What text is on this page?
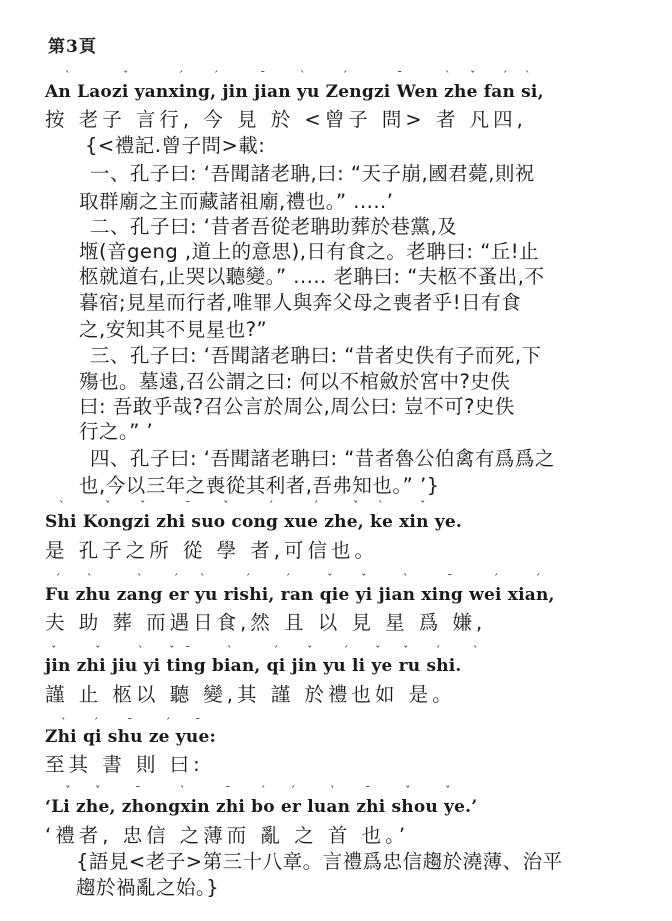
第3頁
ˋ	ˇ	ˊ	ˊ	ˉ	ˋ	ˊ	ˉ	ˋ ˇ ˊ ˋ
An Laozi yanxing, jin jian yu Zengzi Wen zhe fan si,
按 老子 言行, 今 見 於 <曾子 問> 者 凡四,
{<禮記.曾子問>載:
一、孔子曰: ‘吾聞諸老聃,曰: “天子崩,國君薨,則祝
取群廟之主而藏諸祖廟,禮也。” .....’
二、孔子曰: ‘昔者吾從老聃助葬於巷黨,及
堩(音geng ,道上的意思),日有食之。老聃曰: “丘!止
柩就道右,止哭以聽變。” ..... 老聃曰: “夫柩不蚤出,不
暮宿;見星而行者,唯罪人與奔父母之喪者乎!日有食
之,安知其不見星也?”
三、孔子曰: ‘吾聞諸老聃曰: “昔者史佚有子而死,下
殤也。墓遠,召公謂之曰: 何以不棺斂於宮中?史佚
曰: 吾敢乎哉?召公言於周公,周公曰: 豈不可?史佚
行之。” ’
四、孔子曰: ‘吾聞諸老聃曰: “昔者魯公伯禽有爲爲之
也,今以三年之喪從其利者,吾弗知也。” ’}
ˋ	ˇ	ˇ	ˉ	ˇ	ˊ	ˊ	ˇ ˋ	ˇ
Shi Kongzi zhi suo cong xue zhe, ke xin ye.
是 孔子之所 從 學 者,可信也。
ˊ ˋ	ˋ	ˊ ˋ	ˊ	ˊ	ˇ	ˇ	ˋ	ˉ	ˊ	ˊ
Fu zhu zang er yu rishi, ran qie yi jian xing wei xian,
夫 助 葬 而遇日食,然 且 以 見 星 爲 嫌,
ˇ	ˇ	ˋ ˇ ˉ	ˋ	ˊ	ˇ	ˊ ˇ ˇ ˊ	ˋ
jin zhi jiu yi ting bian, qi jin yu li ye ru shi.
謹 止 柩以 聽 變,其 謹 於禮也如 是。
ˋ ˊ	ˉ	ˊ ˉ
Zhi qi shu ze yue:
至其 書 則 曰:
ˇ ˇ	ˉ	ˋ	ˉ	ˊ ˊ	ˋ	ˉ	ˇ	ˇ
‘Li zhe, zhongxin zhi bo er luan zhi shou ye.’
‘禮者, 忠信 之薄而 亂 之 首 也。’
{語見<老子>第三十八章。言禮爲忠信趨於澆薄、治平
趨於禍亂之始。}
